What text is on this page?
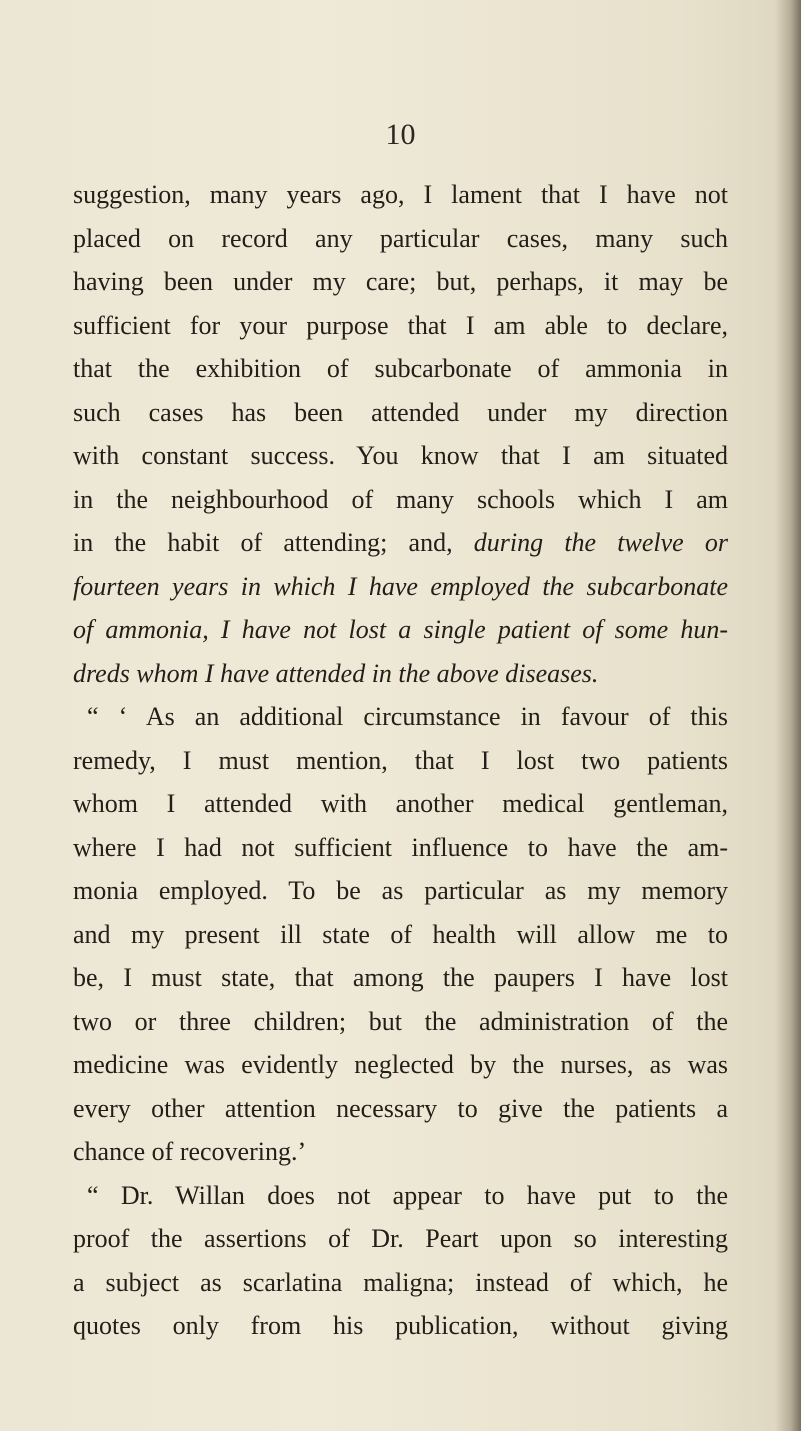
10
suggestion, many years ago, I lament that I have not
placed on record any particular cases, many such
having been under my care; but, perhaps, it may be
sufficient for your purpose that I am able to declare,
that the exhibition of subcarbonate of ammonia in
such cases has been attended under my direction
with constant success. You know that I am situated
in the neighbourhood of many schools which I am
in the habit of attending; and, during the twelve or
fourteen years in which I have employed the subcarbonate
of ammonia, I have not lost a single patient of some hun-
dreds whom I have attended in the above diseases.
“ ‘ As an additional circumstance in favour of this
remedy, I must mention, that I lost two patients
whom I attended with another medical gentleman,
where I had not sufficient influence to have the am-
monia employed. To be as particular as my memory
and my present ill state of health will allow me to
be, I must state, that among the paupers I have lost
two or three children; but the administration of the
medicine was evidently neglected by the nurses, as was
every other attention necessary to give the patients a
chance of recovering.’
“ Dr. Willan does not appear to have put to the
proof the assertions of Dr. Peart upon so interesting
a subject as scarlatina maligna; instead of which, he
quotes only from his publication, without giving
